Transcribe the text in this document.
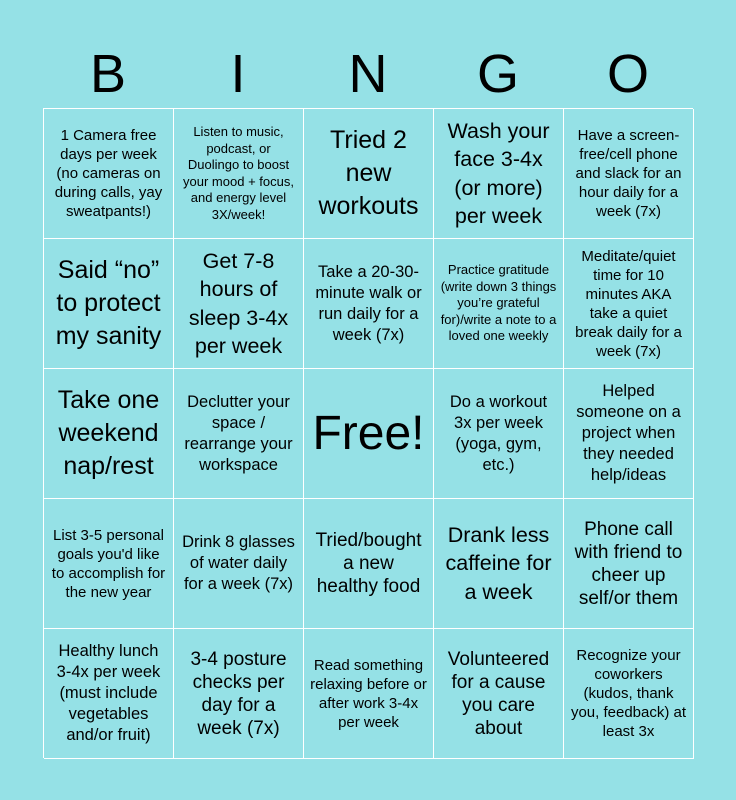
B	I	N	G	O
1 Camera free days per week (no cameras on during calls, yay sweatpants!)
Listen to music, podcast, or Duolingo to boost your mood + focus, and energy level 3X/week!
Tried 2 new workouts
Wash your face 3-4x (or more) per week
Have a screen-free/cell phone and slack for an hour daily for a week (7x)
Said “no” to protect my sanity
Get 7-8 hours of sleep 3-4x per week
Take a 20-30-minute walk or run daily for a week (7x)
Practice gratitude (write down 3 things you’re grateful for)/write a note to a loved one weekly
Meditate/quiet time for 10 minutes AKA take a quiet break daily for a week (7x)
Take one weekend nap/rest
Declutter your space / rearrange your workspace
Free!
Do a workout 3x per week (yoga, gym, etc.)
Helped someone on a project when they needed help/ideas
List 3-5 personal goals you'd like to accomplish for the new year
Drink 8 glasses of water daily for a week (7x)
Tried/bought a new healthy food
Drank less caffeine for a week
Phone call with friend to cheer up self/or them
Healthy lunch 3-4x per week (must include vegetables and/or fruit)
3-4 posture checks per day for a week (7x)
Read something relaxing before or after work 3-4x per week
Volunteered for a cause you care about
Recognize your coworkers (kudos, thank you, feedback) at least 3x
